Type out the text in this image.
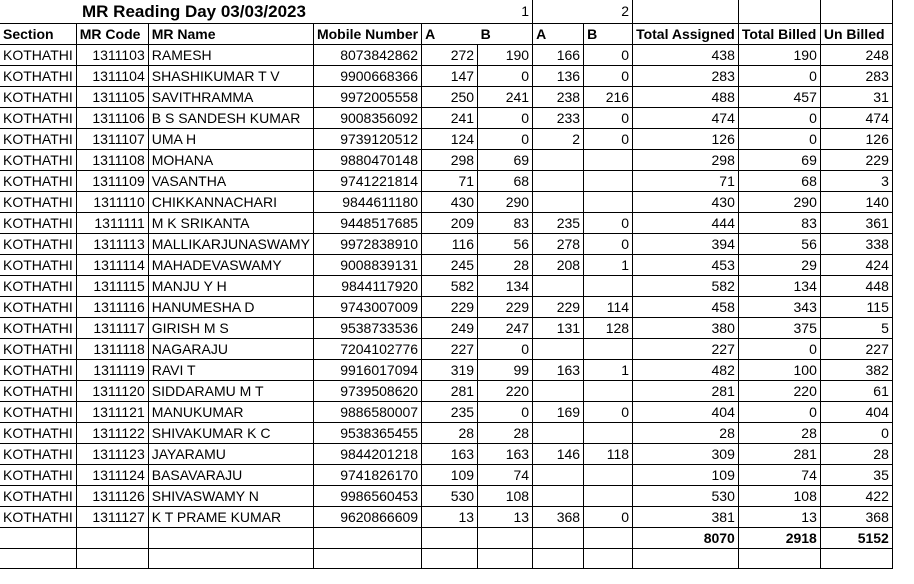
MR Reading Day 03/03/2023					1		2			
Section	MR Code	MR Name	Mobile Number	A	B	A	B	Total Assigned	Total Billed	Un Billed
KOTHATHI	1311103	RAMESH	8073842862	272	190	166	0	438	190	248
KOTHATHI	1311104	SHASHIKUMAR T V	9900668366	147	0	136	0	283	0	283
KOTHATHI	1311105	SAVITHRAMMA	9972005558	250	241	238	216	488	457	31
KOTHATHI	1311106	B S SANDESH KUMAR	9008356092	241	0	233	0	474	0	474
KOTHATHI	1311107	UMA H	9739120512	124	0	2	0	126	0	126
KOTHATHI	1311108	MOHANA	9880470148	298	69			298	69	229
KOTHATHI	1311109	VASANTHA	9741221814	71	68			71	68	3
KOTHATHI	1311110	CHIKKANNACHARI	9844611180	430	290			430	290	140
KOTHATHI	1311111	M K SRIKANTA	9448517685	209	83	235	0	444	83	361
KOTHATHI	1311113	MALLIKARJUNASWAMY	9972838910	116	56	278	0	394	56	338
KOTHATHI	1311114	MAHADEVASWAMY	9008839131	245	28	208	1	453	29	424
KOTHATHI	1311115	MANJU Y H	9844117920	582	134			582	134	448
KOTHATHI	1311116	HANUMESHA D	9743007009	229	229	229	114	458	343	115
KOTHATHI	1311117	GIRISH M S	9538733536	249	247	131	128	380	375	5
KOTHATHI	1311118	NAGARAJU	7204102776	227	0			227	0	227
KOTHATHI	1311119	RAVI T	9916017094	319	99	163	1	482	100	382
KOTHATHI	1311120	SIDDARAMU M T	9739508620	281	220			281	220	61
KOTHATHI	1311121	MANUKUMAR	9886580007	235	0	169	0	404	0	404
KOTHATHI	1311122	SHIVAKUMAR K C	9538365455	28	28			28	28	0
KOTHATHI	1311123	JAYARAMU	9844201218	163	163	146	118	309	281	28
KOTHATHI	1311124	BASAVARAJU	9741826170	109	74			109	74	35
KOTHATHI	1311126	SHIVASWAMY N	9986560453	530	108			530	108	422
KOTHATHI	1311127	K T PRAME KUMAR	9620866609	13	13	368	0	381	13	368
								8070	2918	5152
